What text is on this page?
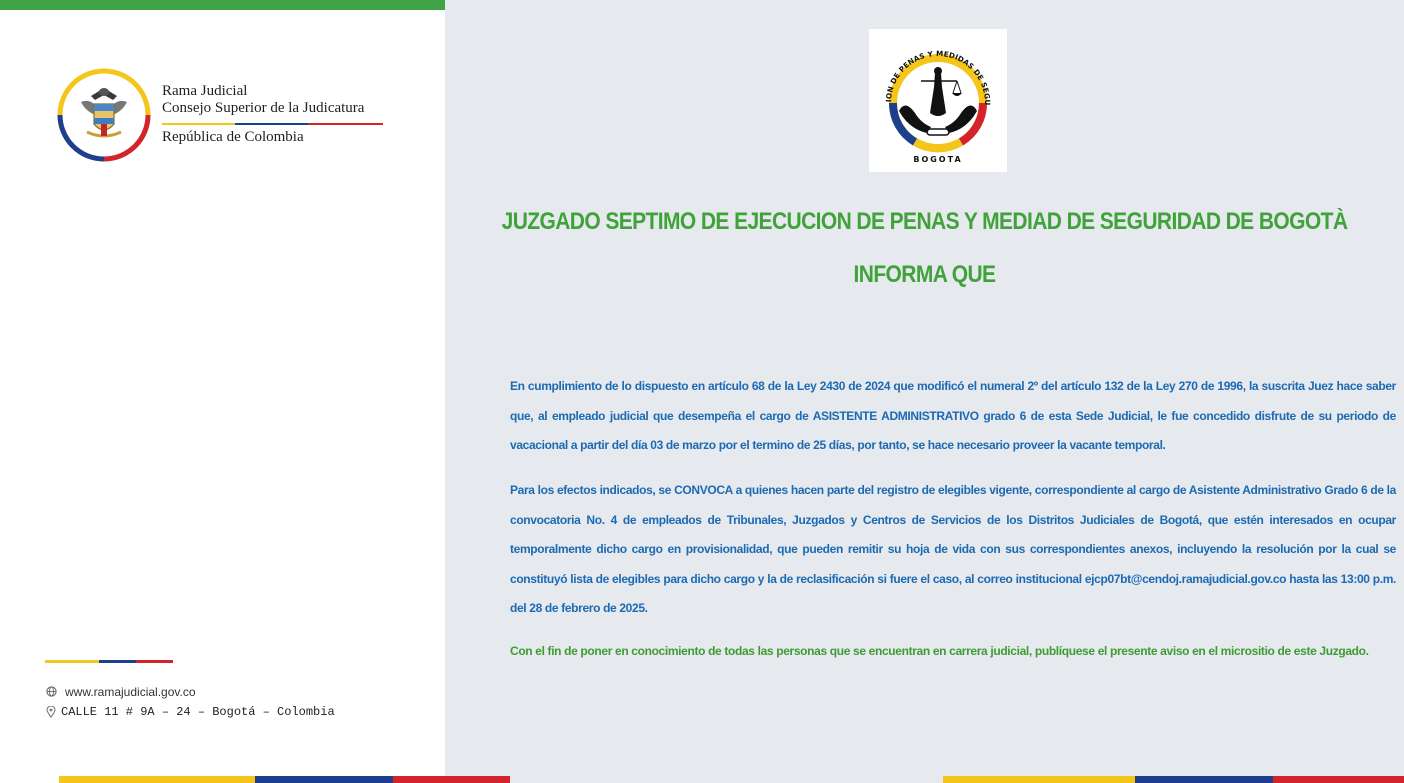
Rama Judicial
Consejo Superior de la Judicatura
República de Colombia
www.ramajudicial.gov.co
CALLE 11 # 9A – 24 – Bogotá – Colombia
ION DE PENAS Y MEDIDAS DE SEGU
BOGOTA
JUZGADO SEPTIMO DE EJECUCION DE PENAS Y MEDIAD DE SEGURIDAD DE BOGOTÀ
INFORMA QUE
En cumplimiento de lo dispuesto en artículo 68 de la Ley 2430 de 2024 que modificó el numeral 2º del artículo 132 de la Ley 270 de 1996, la suscrita Juez hace saber que, al empleado judicial que desempeña el cargo de ASISTENTE ADMINISTRATIVO grado 6 de esta Sede Judicial, le fue concedido disfrute de su periodo de vacacional a partir del día 03 de marzo por el termino de 25 días, por tanto, se hace necesario proveer la vacante temporal.
Para los efectos indicados, se CONVOCA a quienes hacen parte del registro de elegibles vigente, correspondiente al cargo de Asistente Administrativo Grado 6 de la convocatoria No. 4 de empleados de Tribunales, Juzgados y Centros de Servicios de los Distritos Judiciales de Bogotá, que estén interesados en ocupar temporalmente dicho cargo en provisionalidad, que pueden remitir su hoja de vida con sus correspondientes anexos, incluyendo la resolución por la cual se constituyó lista de elegibles para dicho cargo y la de reclasificación si fuere el caso, al correo institucional ejcp07bt@cendoj.ramajudicial.gov.co hasta las 13:00 p.m. del 28 de febrero de 2025.
Con el fin de poner en conocimiento de todas las personas que se encuentran en carrera judicial, publíquese el presente aviso en el micrositio de este Juzgado.
